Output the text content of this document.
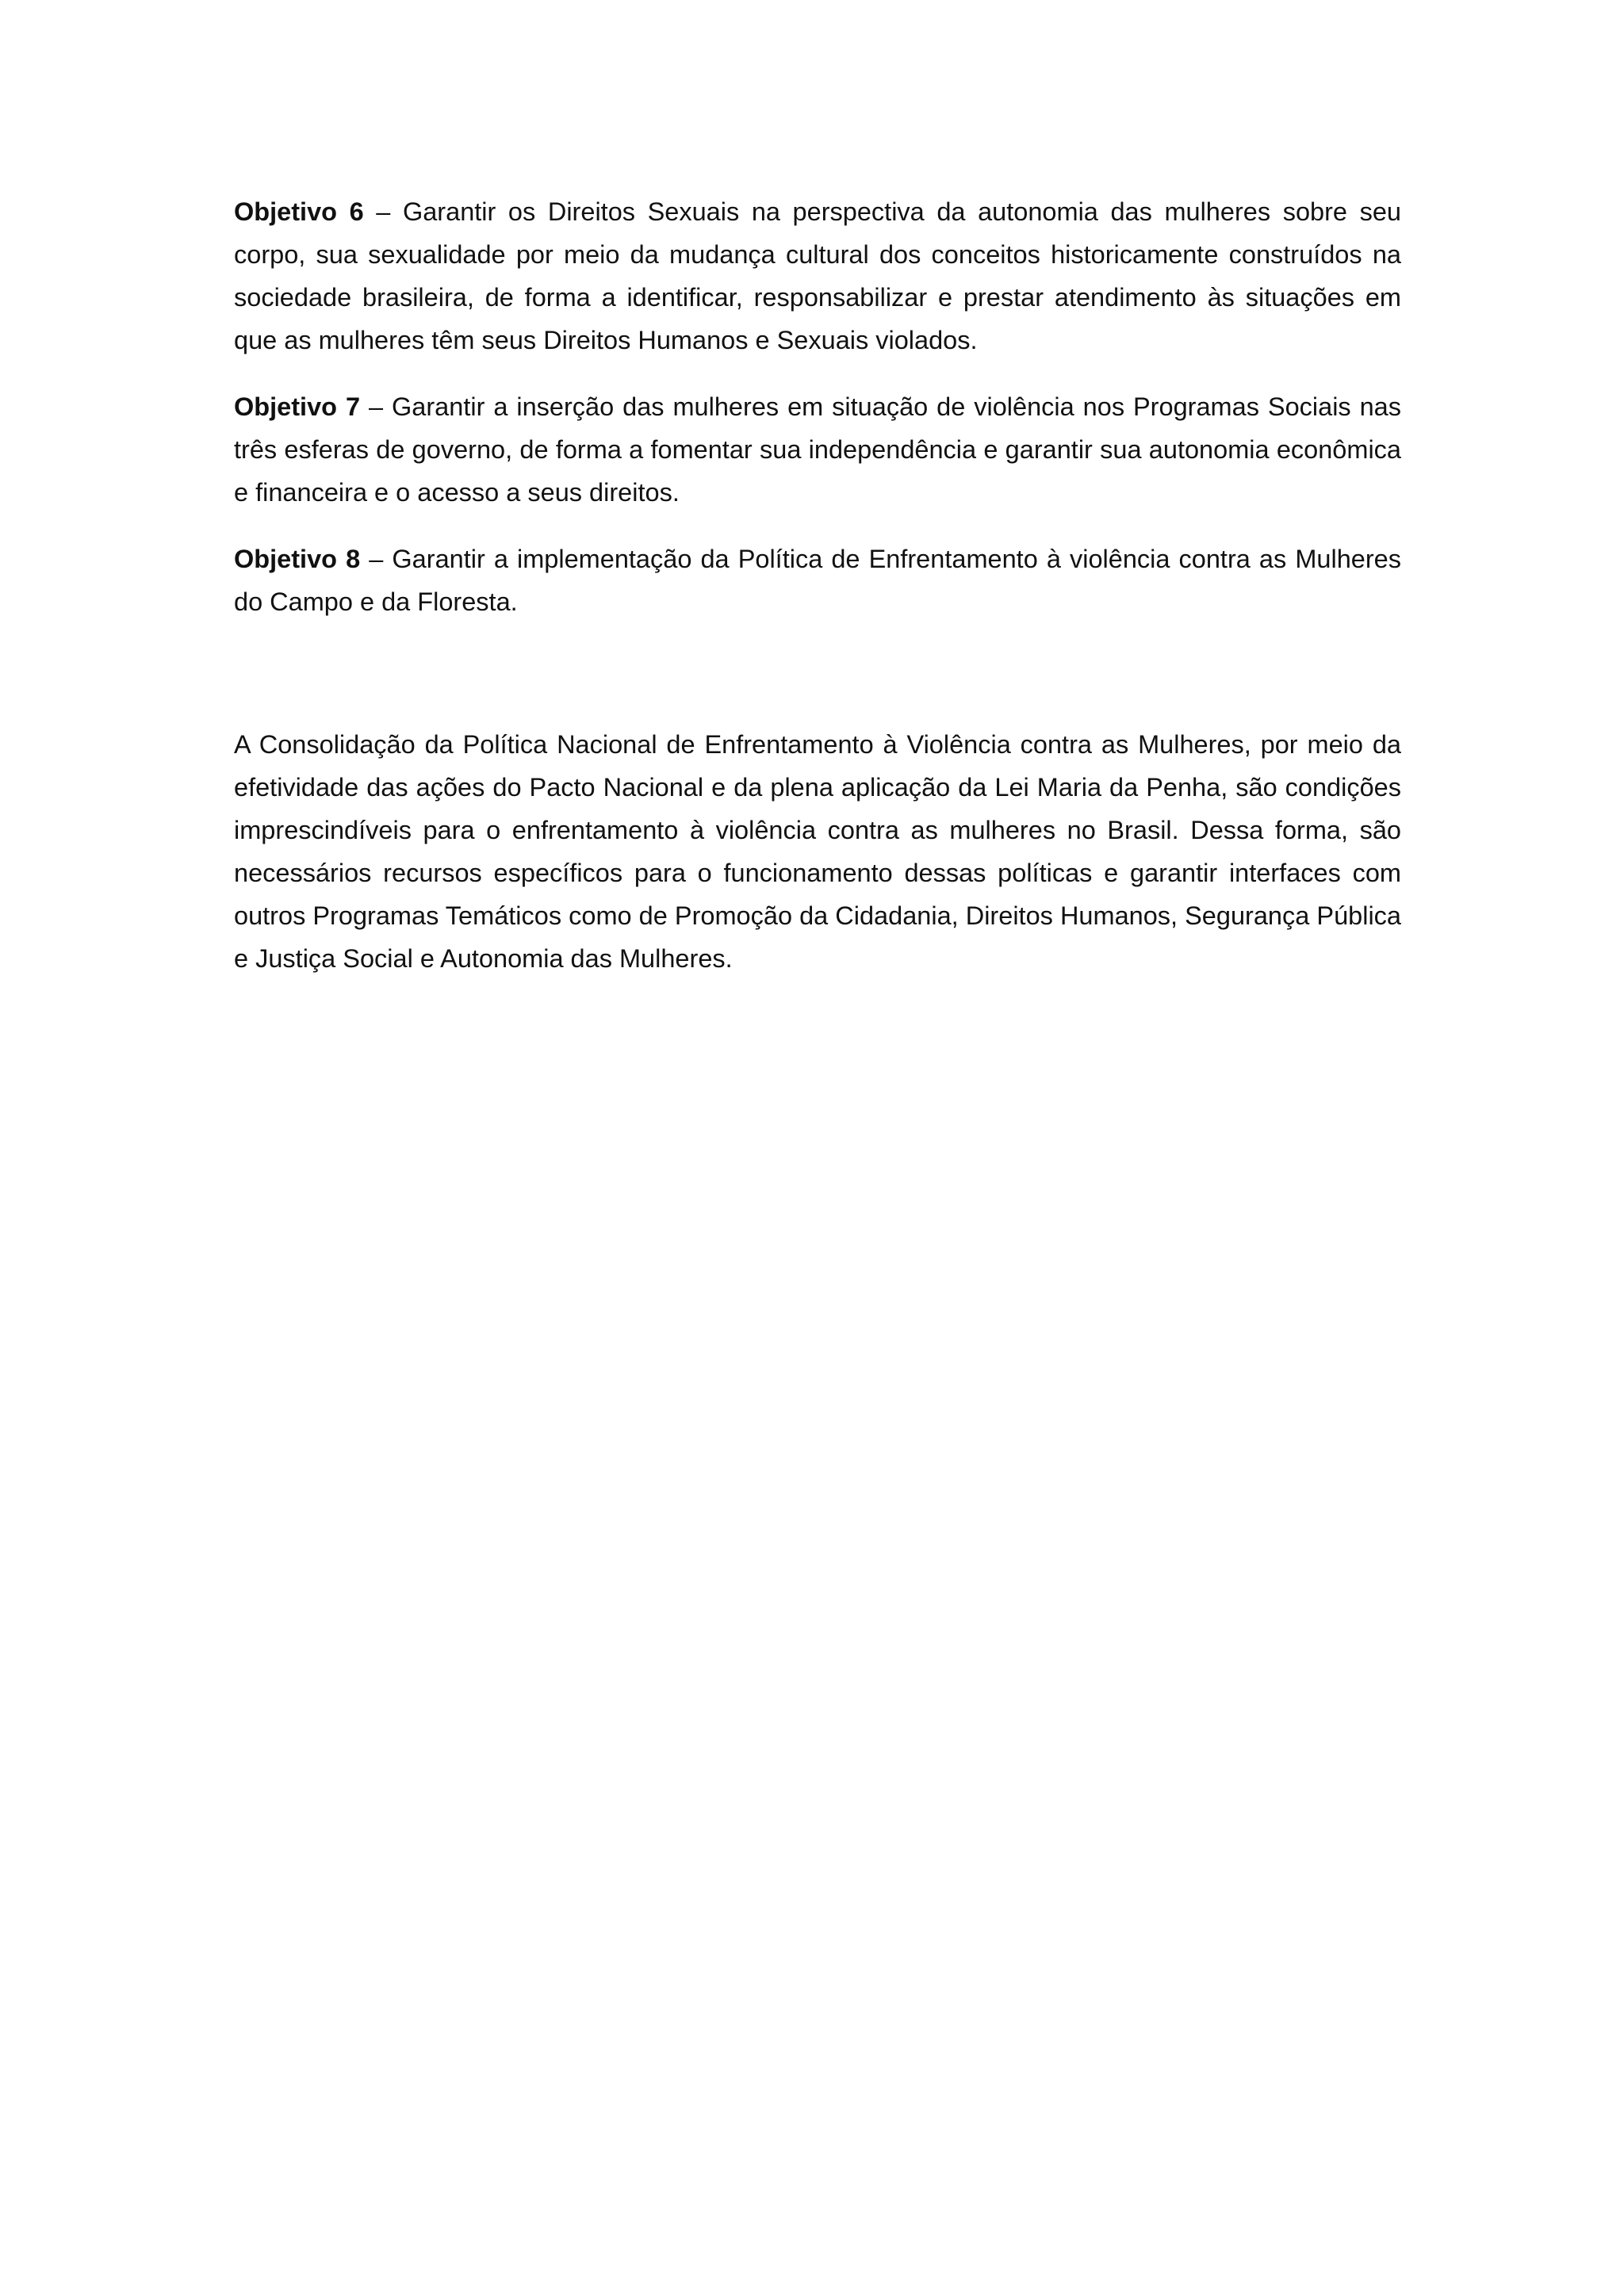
Objetivo 6 – Garantir os Direitos Sexuais na perspectiva da autonomia das mulheres sobre seu corpo, sua sexualidade por meio da mudança cultural dos conceitos historicamente construídos na sociedade brasileira, de forma a identificar, responsabilizar e prestar atendimento às situações em que as mulheres têm seus Direitos Humanos e Sexuais violados.

Objetivo 7 – Garantir a inserção das mulheres em situação de violência nos Programas Sociais nas três esferas de governo, de forma a fomentar sua independência e garantir sua autonomia econômica e financeira e o acesso a seus direitos.

Objetivo 8 – Garantir a implementação da Política de Enfrentamento à violência contra as Mulheres do Campo e da Floresta.

A Consolidação da Política Nacional de Enfrentamento à Violência contra as Mulheres, por meio da efetividade das ações do Pacto Nacional e da plena aplicação da Lei Maria da Penha, são condições imprescindíveis para o enfrentamento à violência contra as mulheres no Brasil. Dessa forma, são necessários recursos específicos para o funcionamento dessas políticas e garantir interfaces com outros Programas Temáticos como de Promoção da Cidadania, Direitos Humanos, Segurança Pública e Justiça Social e Autonomia das Mulheres.
